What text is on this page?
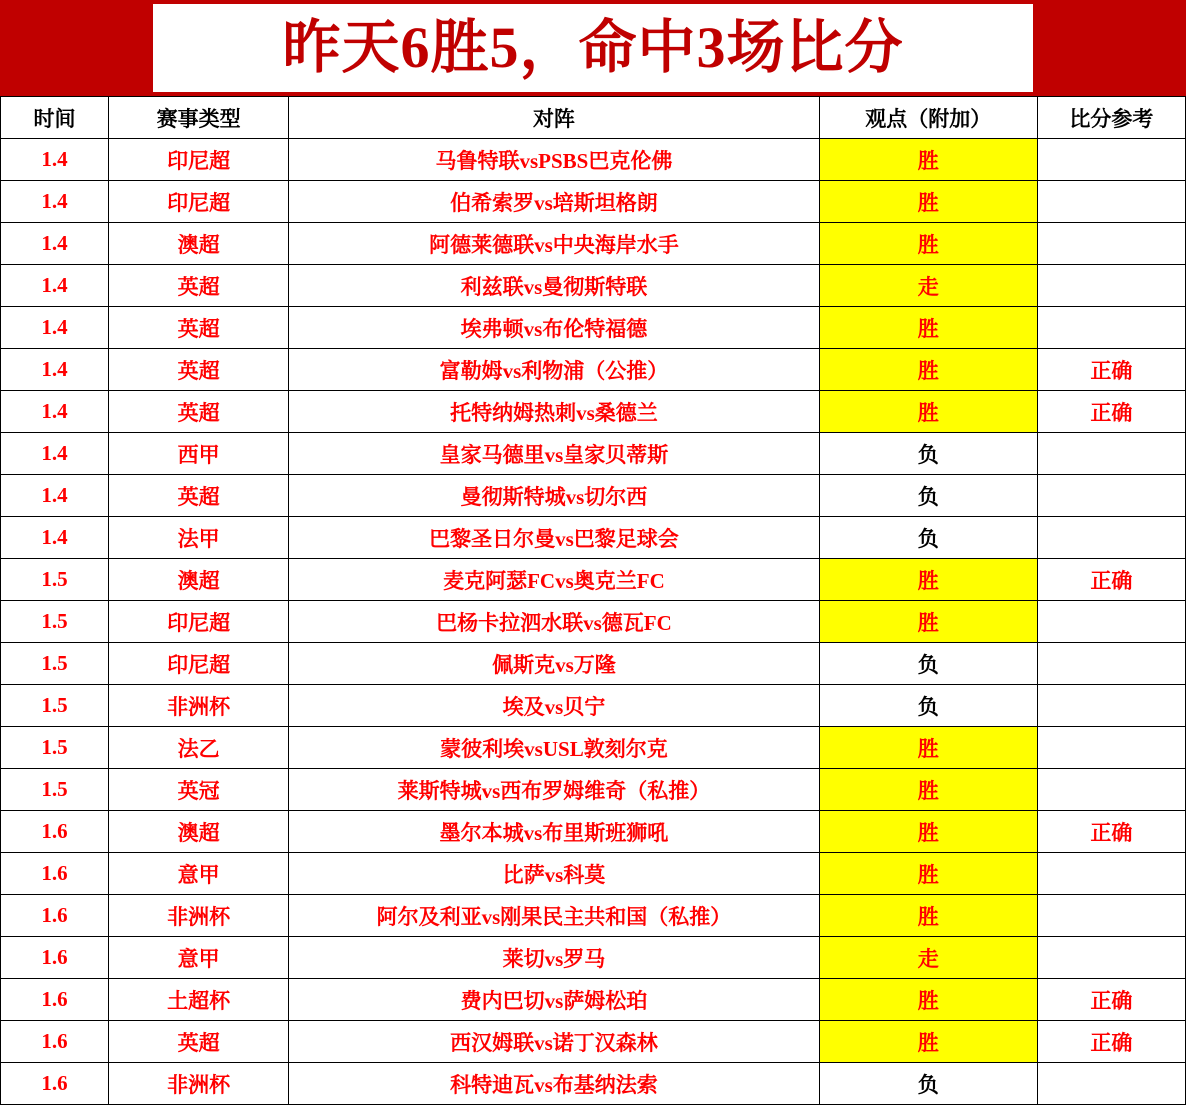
昨天6胜5，命中3场比分
时间	赛事类型	对阵	观点（附加）	比分参考
1.4	印尼超	马鲁特联vsPSBS巴克伦佛	胜	
1.4	印尼超	伯希索罗vs培斯坦格朗	胜	
1.4	澳超	阿德莱德联vs中央海岸水手	胜	
1.4	英超	利兹联vs曼彻斯特联	走	
1.4	英超	埃弗顿vs布伦特福德	胜	
1.4	英超	富勒姆vs利物浦（公推）	胜	正确
1.4	英超	托特纳姆热刺vs桑德兰	胜	正确
1.4	西甲	皇家马德里vs皇家贝蒂斯	负	
1.4	英超	曼彻斯特城vs切尔西	负	
1.4	法甲	巴黎圣日尔曼vs巴黎足球会	负	
1.5	澳超	麦克阿瑟FCvs奥克兰FC	胜	正确
1.5	印尼超	巴杨卡拉泗水联vs德瓦FC	胜	
1.5	印尼超	佩斯克vs万隆	负	
1.5	非洲杯	埃及vs贝宁	负	
1.5	法乙	蒙彼利埃vsUSL敦刻尔克	胜	
1.5	英冠	莱斯特城vs西布罗姆维奇（私推）	胜	
1.6	澳超	墨尔本城vs布里斯班狮吼	胜	正确
1.6	意甲	比萨vs科莫	胜	
1.6	非洲杯	阿尔及利亚vs刚果民主共和国（私推）	胜	
1.6	意甲	莱切vs罗马	走	
1.6	土超杯	费内巴切vs萨姆松珀	胜	正确
1.6	英超	西汉姆联vs诺丁汉森林	胜	正确
1.6	非洲杯	科特迪瓦vs布基纳法索	负	
